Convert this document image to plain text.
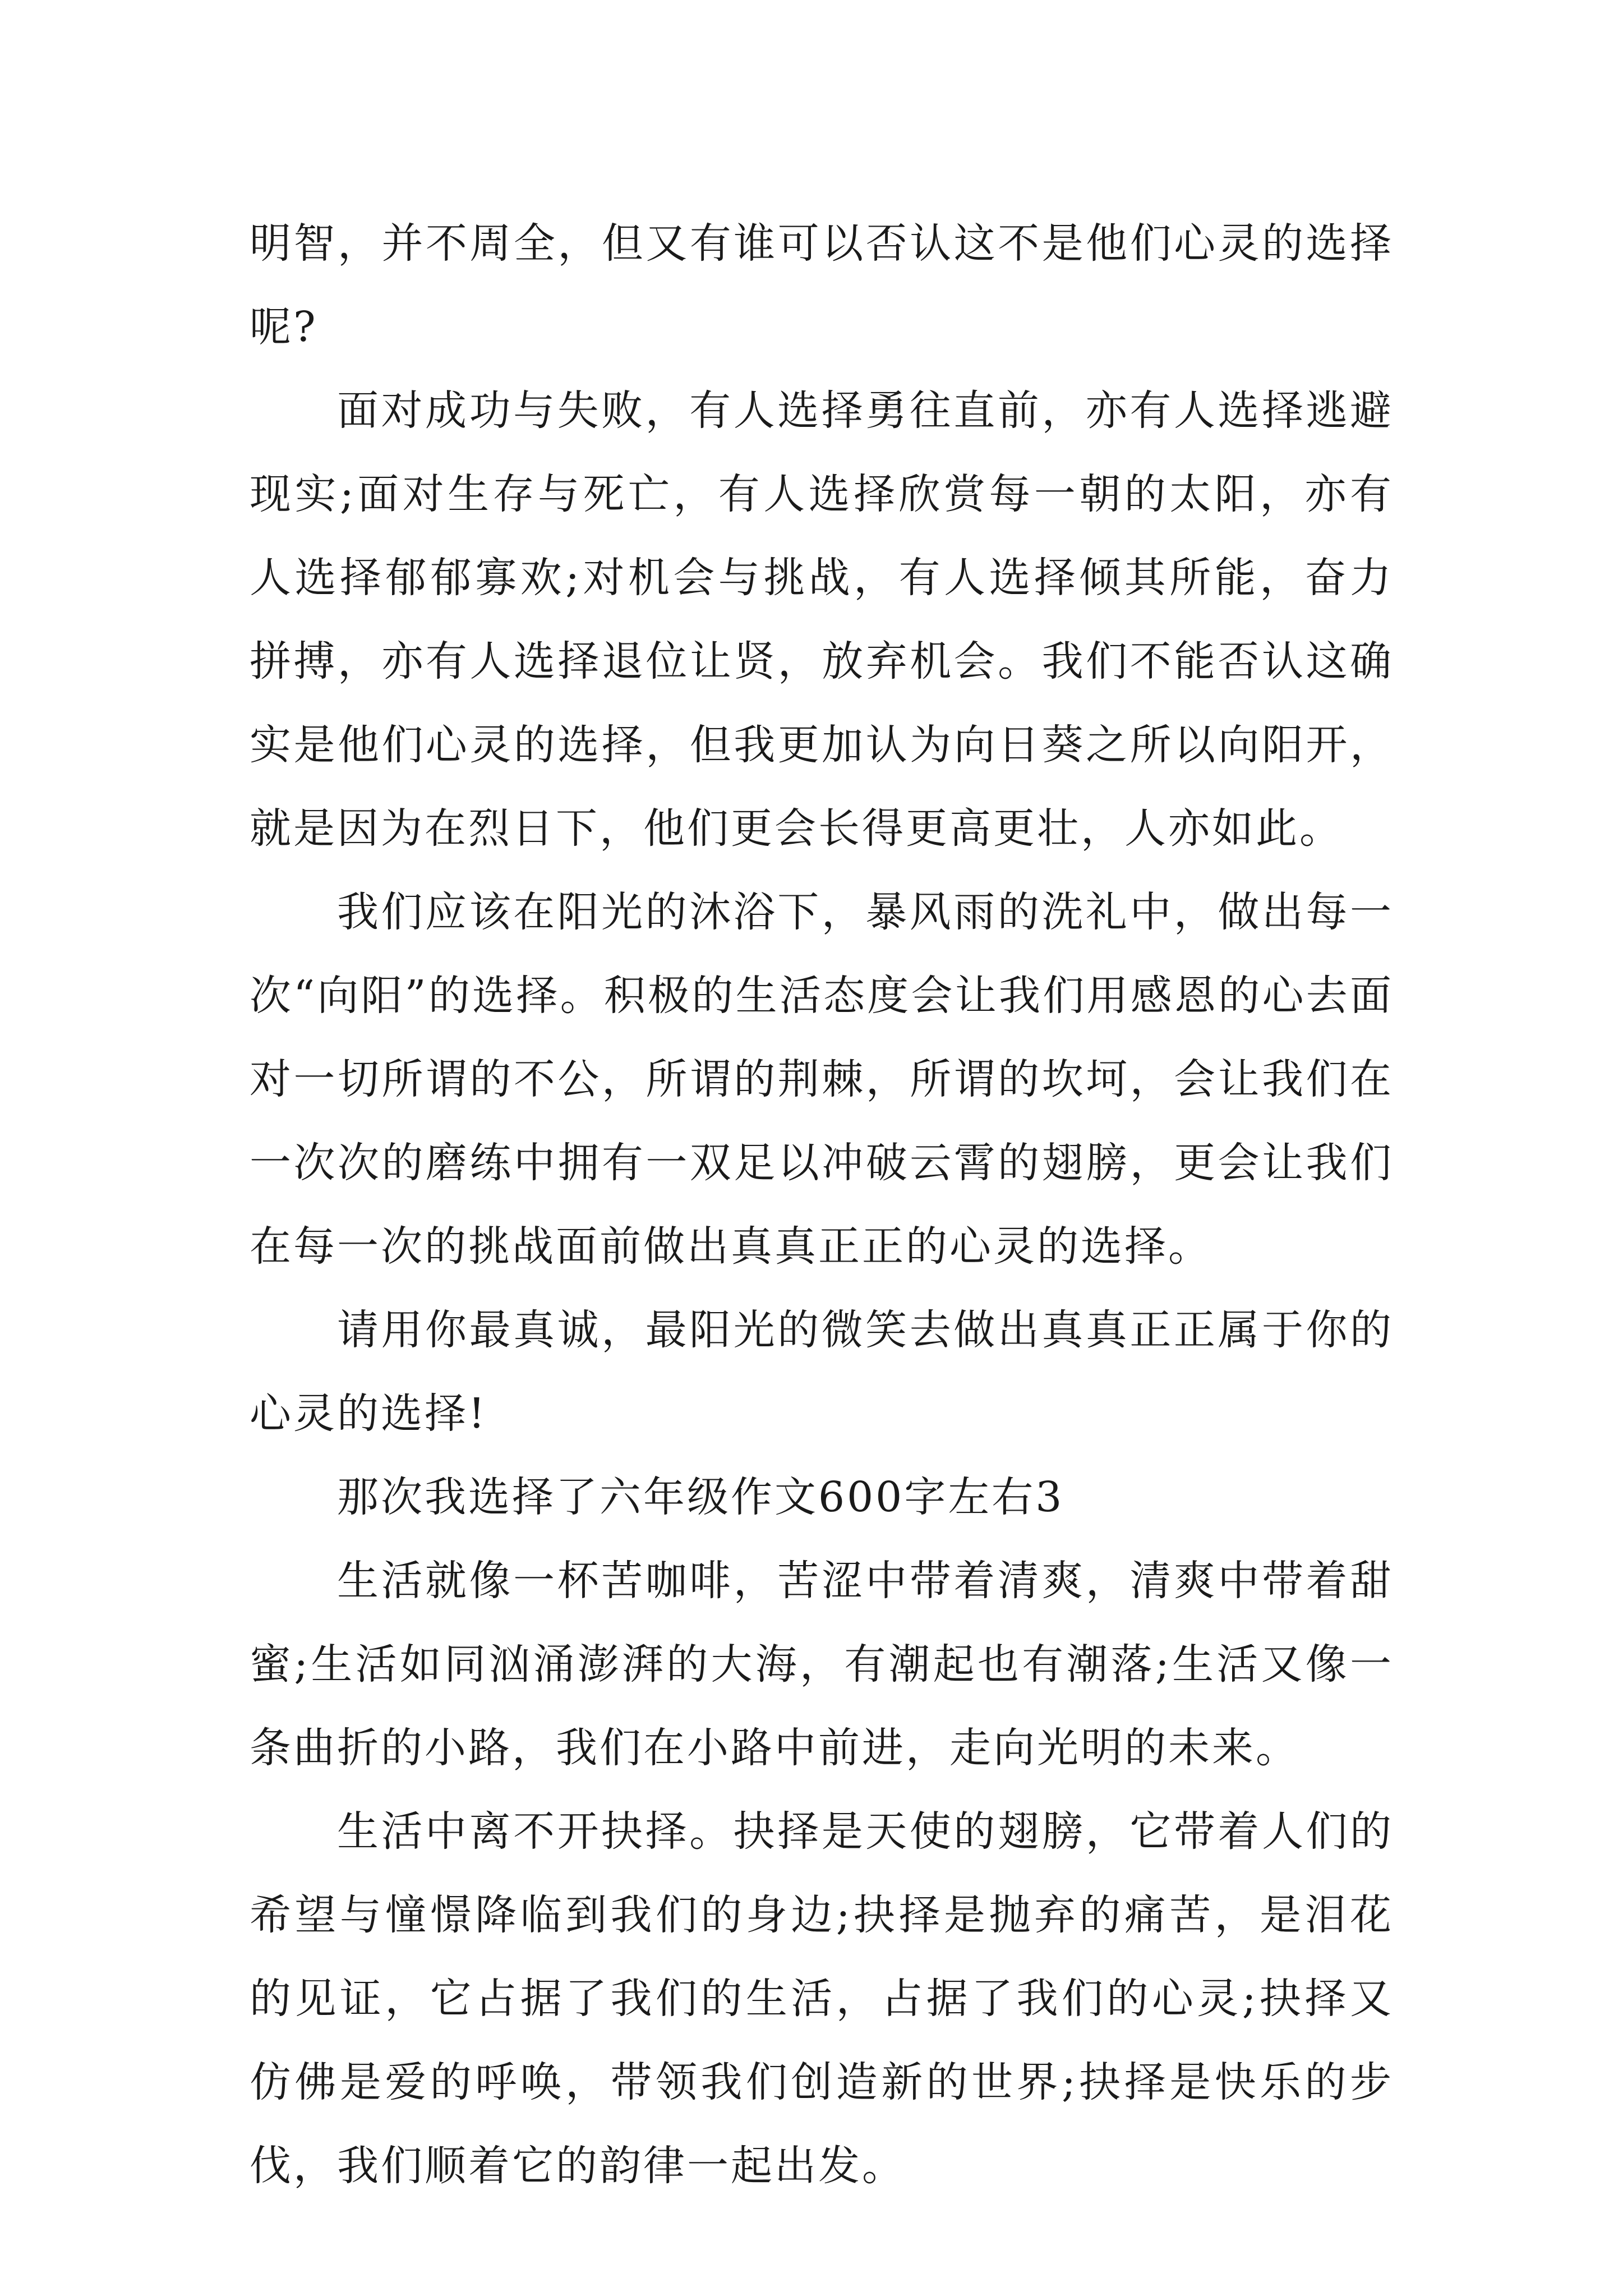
明智，并不周全，但又有谁可以否认这不是他们心灵的选择呢?

面对成功与失败，有人选择勇往直前，亦有人选择逃避现实;面对生存与死亡，有人选择欣赏每一朝的太阳，亦有人选择郁郁寡欢;对机会与挑战，有人选择倾其所能，奋力拼搏，亦有人选择退位让贤，放弃机会。我们不能否认这确实是他们心灵的选择，但我更加认为向日葵之所以向阳开，就是因为在烈日下，他们更会长得更高更壮，人亦如此。

我们应该在阳光的沐浴下，暴风雨的洗礼中，做出每一次“向阳”的选择。积极的生活态度会让我们用感恩的心去面对一切所谓的不公，所谓的荆棘，所谓的坎坷，会让我们在一次次的磨练中拥有一双足以冲破云霄的翅膀，更会让我们在每一次的挑战面前做出真真正正的心灵的选择。

请用你最真诚，最阳光的微笑去做出真真正正属于你的心灵的选择!

那次我选择了六年级作文600字左右3

生活就像一杯苦咖啡，苦涩中带着清爽，清爽中带着甜蜜;生活如同汹涌澎湃的大海，有潮起也有潮落;生活又像一条曲折的小路，我们在小路中前进，走向光明的未来。

生活中离不开抉择。抉择是天使的翅膀，它带着人们的希望与憧憬降临到我们的身边;抉择是抛弃的痛苦，是泪花的见证，它占据了我们的生活，占据了我们的心灵;抉择又仿佛是爱的呼唤，带领我们创造新的世界;抉择是快乐的步伐，我们顺着它的韵律一起出发。
